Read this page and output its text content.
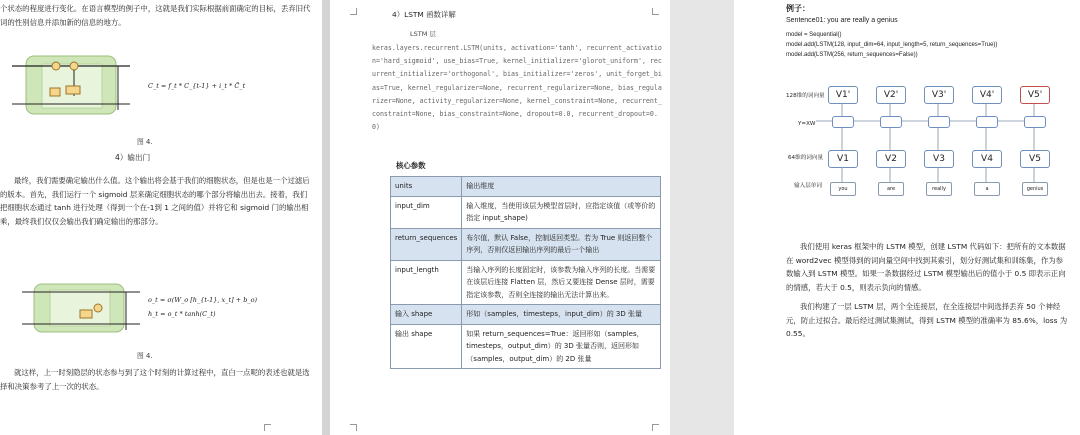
个状态的程度进行变化。在语言模型的例子中，这就是我们实际根据前面确定的目标，丢弃旧代词的性别信息并添加新的信息的地方。
C_t = f_t * C_{t-1} + i_t * C̃_t
图 4.
4）输出门
最终，我们需要确定输出什么值。这个输出将会基于我们的细胞状态，但是也是一个过滤后的版本。首先，我们运行一个 sigmoid 层来确定细胞状态的哪个部分将输出出去。接着，我们把细胞状态通过 tanh 进行处理（得到一个在-1到 1 之间的值）并将它和 sigmoid 门的输出相乘，最终我们仅仅会输出我们确定输出的那部分。
o_t = σ(W_o [h_{t-1}, x_t] + b_o)
h_t = o_t * tanh(C_t)
图 4.
就这样，上一时刻隐层的状态参与到了这个时刻的计算过程中，直白一点呢的表述也就是选择和决策参考了上一次的状态。
4）LSTM 函数详解
LSTM 层
keras.layers.recurrent.LSTM(units, activation='tanh', recurrent_activation='hard_sigmoid', use_bias=True, kernel_initializer='glorot_uniform', recurrent_initializer='orthogonal', bias_initializer='zeros', unit_forget_bias=True, kernel_regularizer=None, recurrent_regularizer=None, bias_regularizer=None, activity_regularizer=None, kernel_constraint=None, recurrent_constraint=None, bias_constraint=None, dropout=0.0, recurrent_dropout=0.0)
核心参数
units	输出维度
input_dim	输入维度，当使用该层为模型首层时，应指定该值（或等价的指定 input_shape)
return_sequences	布尔值，默认 False，控制返回类型。若为 True 则返回整个序列，否则仅返回输出序列的最后一个输出
input_length	当输入序列的长度固定时，该参数为输入序列的长度。当需要在该层后连接 Flatten 层，然后又要连接 Dense 层时，需要指定该参数，否则全连接的输出无法计算出来。
输入 shape	形如（samples，timesteps，input_dim）的 3D 张量
输出 shape	如果 return_sequences=True：返回形如（samples，timesteps，output_dim）的 3D 张量否则，返回形如（samples，output_dim）的 2D 张量
例子：
Sentence01: you are really a genius
model = Sequential()
model.add(LSTM(128, input_dim=64, input_length=5, return_sequences=True))
model.add(LSTM(256, return_sequences=False))
128维的词向量
Y=XW
64维的词向量
输入层单词
V1'
V1
you
V2'
V2
are
V3'
V3
really
V4'
V4
a
V5'
V5
genius
我们使用 keras 框架中的 LSTM 模型，创建 LSTM 代码如下：把所有的文本数据在 word2vec 模型得到的词向量空间中找到其索引，划分好测试集和训练集，作为参数输入到 LSTM 模型。如果一条数据经过 LSTM 模型输出后的值小于 0.5 即表示正向的情感，若大于 0.5，则表示负向的情感。
我们构建了一层 LSTM 层，两个全连接层，在全连接层中间选择丢弃 50 个神经元，防止过拟合。最后经过测试集测试，得到 LSTM 模型的准确率为 85.6%，loss 为 0.55。
